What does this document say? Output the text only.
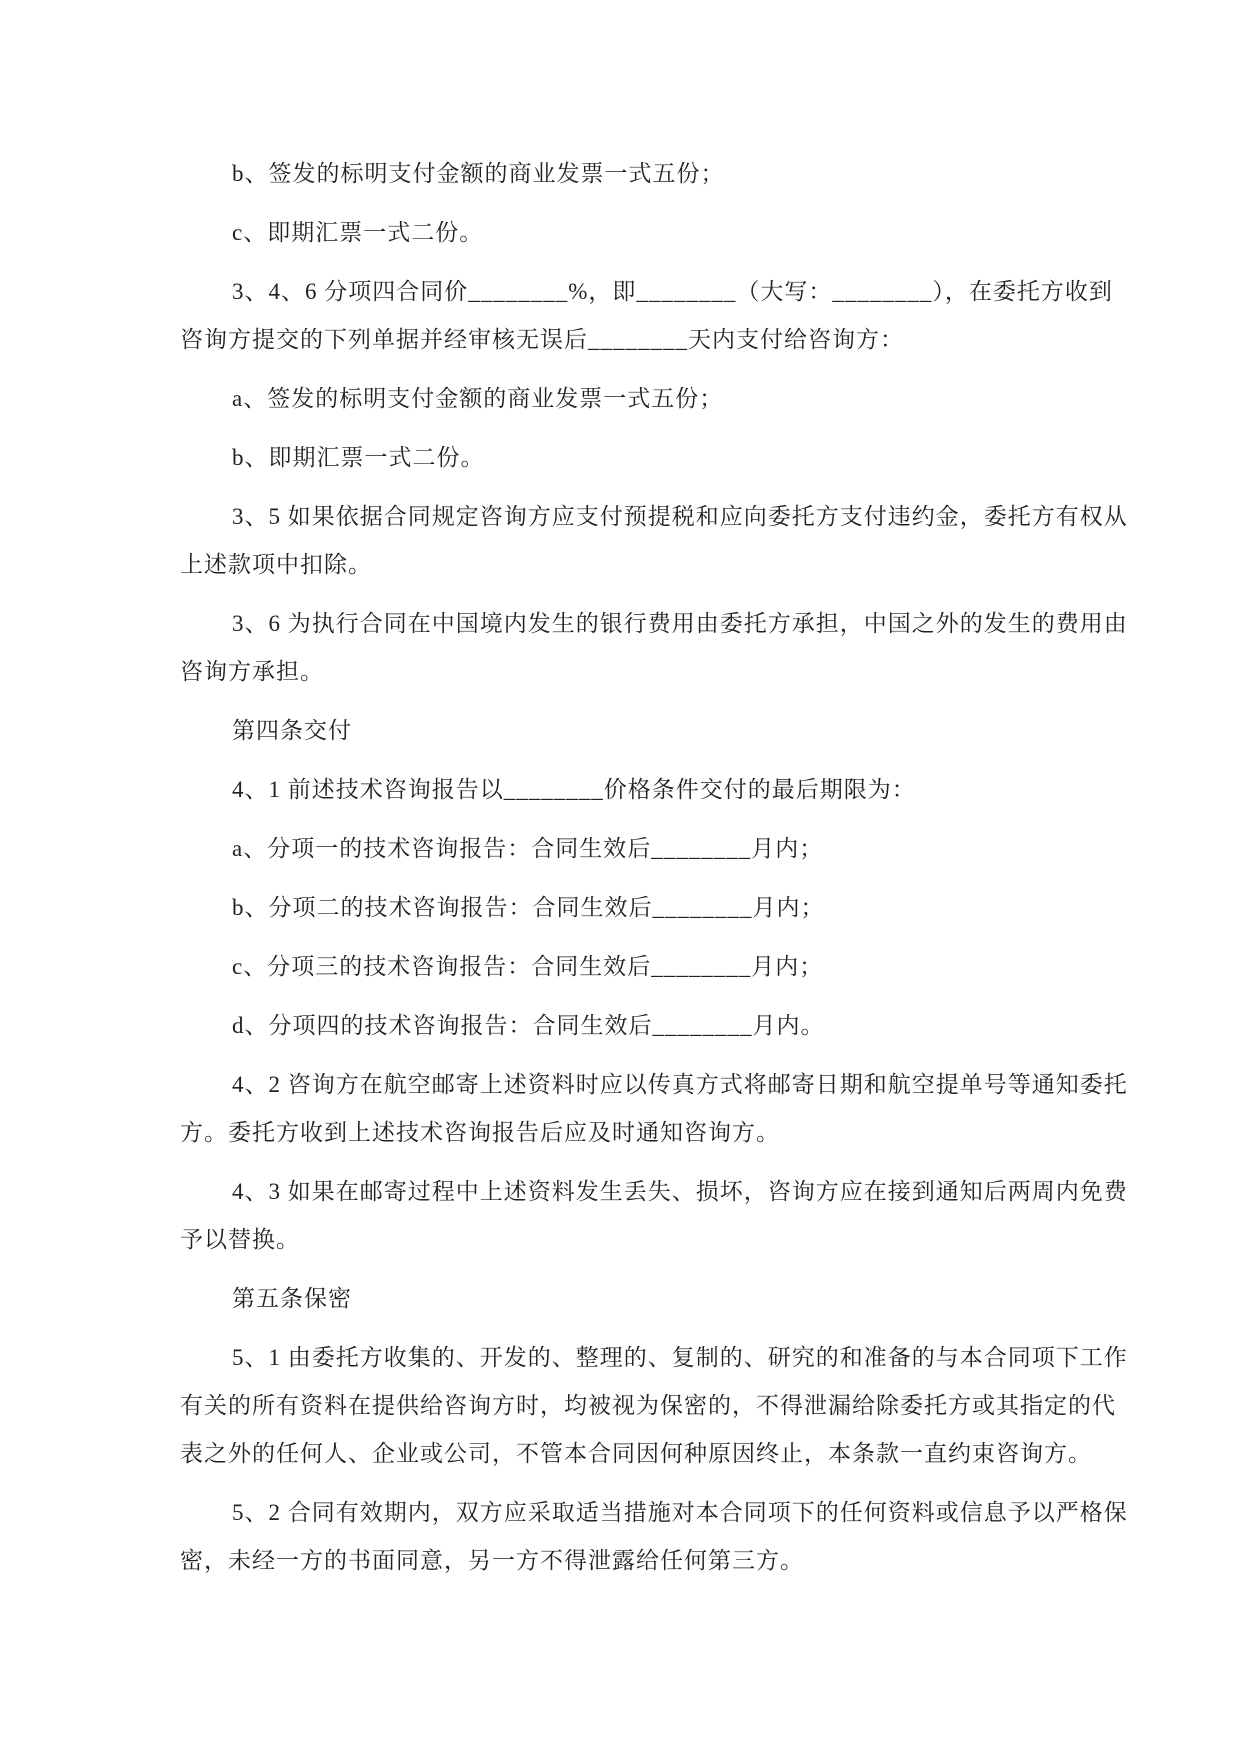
b、签发的标明支付金额的商业发票一式五份；
c、即期汇票一式二份。
3、4、6 分项四合同价________%，即________（大写：________），在委托方收到
咨询方提交的下列单据并经审核无误后________天内支付给咨询方：
a、签发的标明支付金额的商业发票一式五份；
b、即期汇票一式二份。
3、5 如果依据合同规定咨询方应支付预提税和应向委托方支付违约金，委托方有权从
上述款项中扣除。
3、6 为执行合同在中国境内发生的银行费用由委托方承担，中国之外的发生的费用由
咨询方承担。
第四条交付
4、1 前述技术咨询报告以________价格条件交付的最后期限为：
a、分项一的技术咨询报告：合同生效后________月内；
b、分项二的技术咨询报告：合同生效后________月内；
c、分项三的技术咨询报告：合同生效后________月内；
d、分项四的技术咨询报告：合同生效后________月内。
4、2 咨询方在航空邮寄上述资料时应以传真方式将邮寄日期和航空提单号等通知委托
方。委托方收到上述技术咨询报告后应及时通知咨询方。
4、3 如果在邮寄过程中上述资料发生丢失、损坏，咨询方应在接到通知后两周内免费
予以替换。
第五条保密
5、1 由委托方收集的、开发的、整理的、复制的、研究的和准备的与本合同项下工作
有关的所有资料在提供给咨询方时，均被视为保密的，不得泄漏给除委托方或其指定的代
表之外的任何人、企业或公司，不管本合同因何种原因终止，本条款一直约束咨询方。
5、2 合同有效期内，双方应采取适当措施对本合同项下的任何资料或信息予以严格保
密，未经一方的书面同意，另一方不得泄露给任何第三方。
